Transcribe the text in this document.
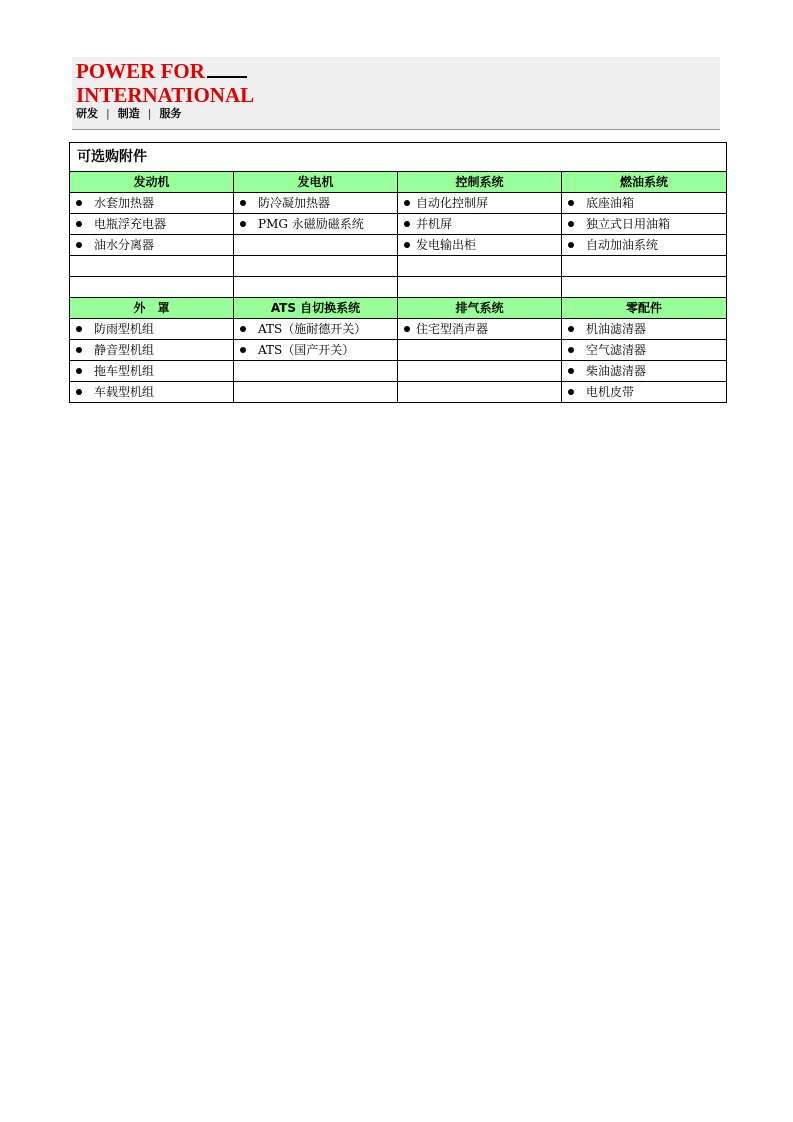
POWER FOR
INTERNATIONAL
研发 | 制造 | 服务
可选购附件			
发动机	发电机	控制系统	燃油系统
水套加热器	防冷凝加热器	自动化控制屏	底座油箱
电瓶浮充电器	PMG 永磁励磁系统	并机屏	独立式日用油箱
油水分离器		发电输出柜	自动加油系统

外　罩	ATS 自切换系统	排气系统	零配件
防雨型机组	ATS（施耐德开关）	住宅型消声器	机油滤清器
静音型机组	ATS（国产开关）		空气滤清器
拖车型机组			柴油滤清器
车载型机组			电机皮带
